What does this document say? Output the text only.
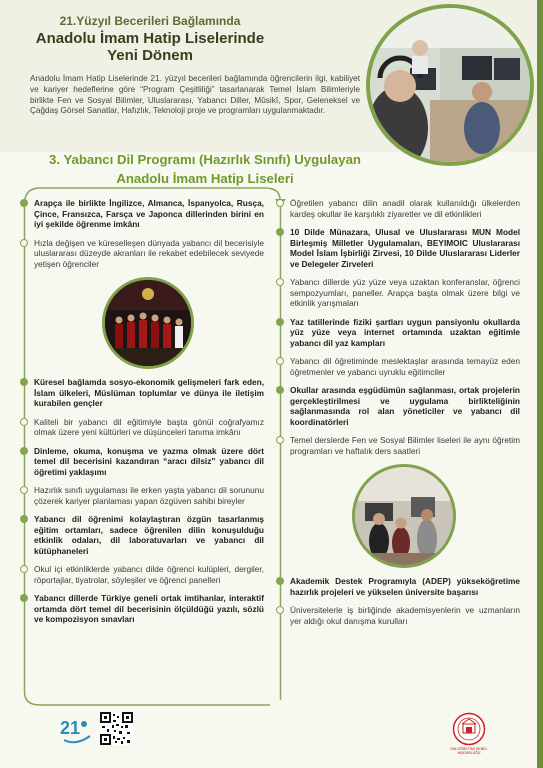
21.Yüzyıl Becerileri Bağlamında
Anadolu İmam Hatip Liselerinde
Yeni Dönem
Anadolu İmam Hatip Liselerinde 21. yüzyıl becerileri bağlamında öğrencilerin ilgi, kabiliyet ve kariyer hedeflerine göre “Program Çeşitliliği” tasarlanarak Temel İslam Bilimleriyle birlikte Fen ve Sosyal Bilimler, Uluslararası, Yabancı Diller, Mûsikî, Spor, Geleneksel ve Çağdaş Görsel Sanatlar, Hafızlık, Teknoloji proje ve programları uygulanmaktadır.
3. Yabancı Dil Programı (Hazırlık Sınıfı) Uygulayan
Anadolu İmam Hatip Liseleri
Arapça ile birlikte İngilizce, Almanca, İspanyolca, Rusça, Çince, Fransızca, Farsça ve Japonca dillerinden birini en iyi şekilde öğrenme imkânı
Hızla değişen ve küreselleşen dünyada yabancı dil becerisiyle uluslararası düzeyde akranları ile rekabet edebilecek seviyede yetişen öğrenciler
Küresel bağlamda sosyo-ekonomik gelişmeleri fark eden, İslam ülkeleri, Müslüman toplumlar ve dünya ile iletişim kurabilen gençler
Kaliteli bir yabancı dil eğitimiyle başta gönül coğrafyamız olmak üzere yeni kültürleri ve düşünceleri tanıma imkânı
Dinleme, okuma, konuşma ve yazma olmak üzere dört temel dil becerisini kazandıran “aracı dilsiz” yabancı dil öğretimi yaklaşımı
Hazırlık sınıfı uygulaması ile erken yaşta yabancı dil sorununu çözerek kariyer planlaması yapan özgüven sahibi bireyler
Yabancı dil öğrenimi kolaylaştıran özgün tasarlanmış eğitim ortamları, sadece öğrenilen dilin konuşulduğu etkinlik odaları, dil laboratuvarları ve yabancı dil kütüphaneleri
Okul içi etkinliklerde yabancı dilde öğrenci kulüpleri, dergiler, röportajlar, tiyatrolar, söyleşiler ve öğrenci panelleri
Yabancı dillerde Türkiye geneli ortak imtihanlar, interaktif ortamda dört temel dil becerisinin ölçüldüğü yazılı, sözlü ve kompozisyon sınavları
Öğretilen yabancı dilin anadil olarak kullanıldığı ülkelerden kardeş okullar ile karşılıklı ziyaretler ve dil etkinlikleri
10 Dilde Münazara, Ulusal ve Uluslararası MUN Model Birleşmiş Milletler Uygulamaları, BEYIMOIC Uluslararası Model İslam İşbirliği Zirvesi, 10 Dilde Uluslararası Liderler ve Delegeler Zirveleri
Yabancı dillerde yüz yüze veya uzaktan konferanslar, öğrenci sempozyumları, paneller. Arapça başta olmak üzere bilgi ve etkinlik yarışmaları
Yaz tatillerinde fiziki şartları uygun pansiyonlu okullarda yüz yüze veya internet ortamında uzaktan eğitimle yabancı dil yaz kampları
Yabancı dil öğretiminde meslektaşlar arasında temayüz eden öğretmenler ve yabancı uyruklu eğitimciler
Okullar arasında eşgüdümün sağlanması, ortak projelerin gerçekleştirilmesi ve uygulama birlikteliğinin sağlanmasında rol alan yöneticiler ve yabancı dil koordinatörleri
Temel derslerde Fen ve Sosyal Bilimler liseleri ile aynı öğretim programları ve haftalık ders saatleri
Akademik Destek Programıyla (ADEP) yükseköğretime hazırlık projeleri ve yükselen üniversite başarısı
Üniversitelerle iş birliğinde akademisyenlerin ve uzmanların yer aldığı okul danışma kurulları
21
DİN ÖĞRETİMİ GENEL MÜDÜRLÜĞÜ
